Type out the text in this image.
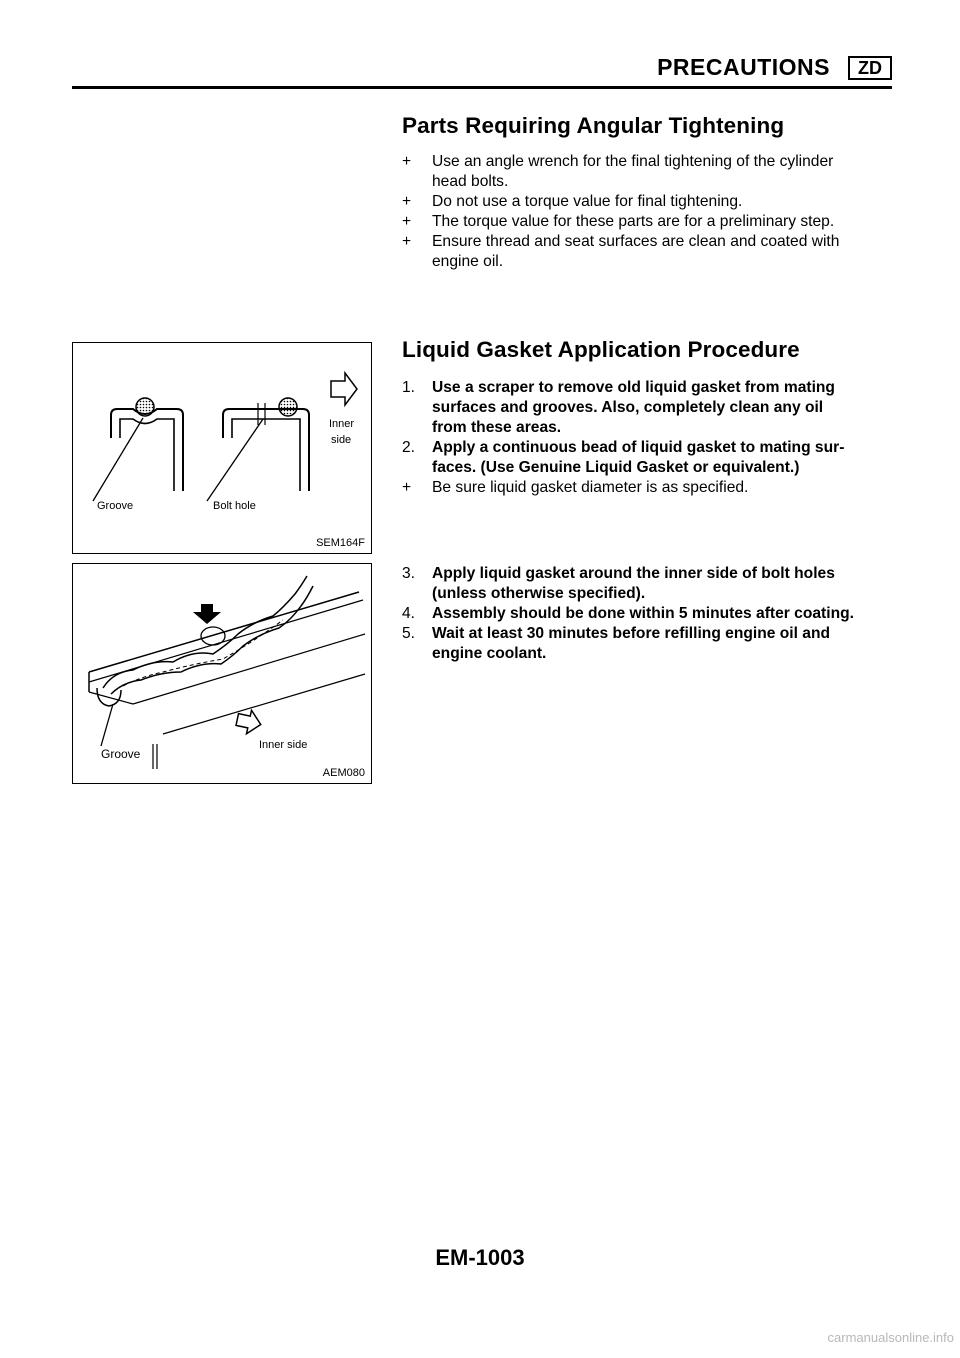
PRECAUTIONS	ZD
Parts Requiring Angular Tightening
+ Use an angle wrench for the final tightening of the cylinder
head bolts.
+ Do not use a torque value for final tightening.
+ The torque value for these parts are for a preliminary step.
+ Ensure thread and seat surfaces are clean and coated with
engine oil.
Liquid Gasket Application Procedure
1. Use a scraper to remove old liquid gasket from mating
surfaces and grooves. Also, completely clean any oil
from these areas.
2. Apply a continuous bead of liquid gasket to mating sur-
faces. (Use Genuine Liquid Gasket or equivalent.)
+ Be sure liquid gasket diameter is as specified.
3. Apply liquid gasket around the inner side of bolt holes
(unless otherwise specified).
4. Assembly should be done within 5 minutes after coating.
5. Wait at least 30 minutes before refilling engine oil and
engine coolant.
Groove	Bolt hole
Inner
side
SEM164F
Groove
Inner side
AEM080
EM-1003
carmanualsonline.info
